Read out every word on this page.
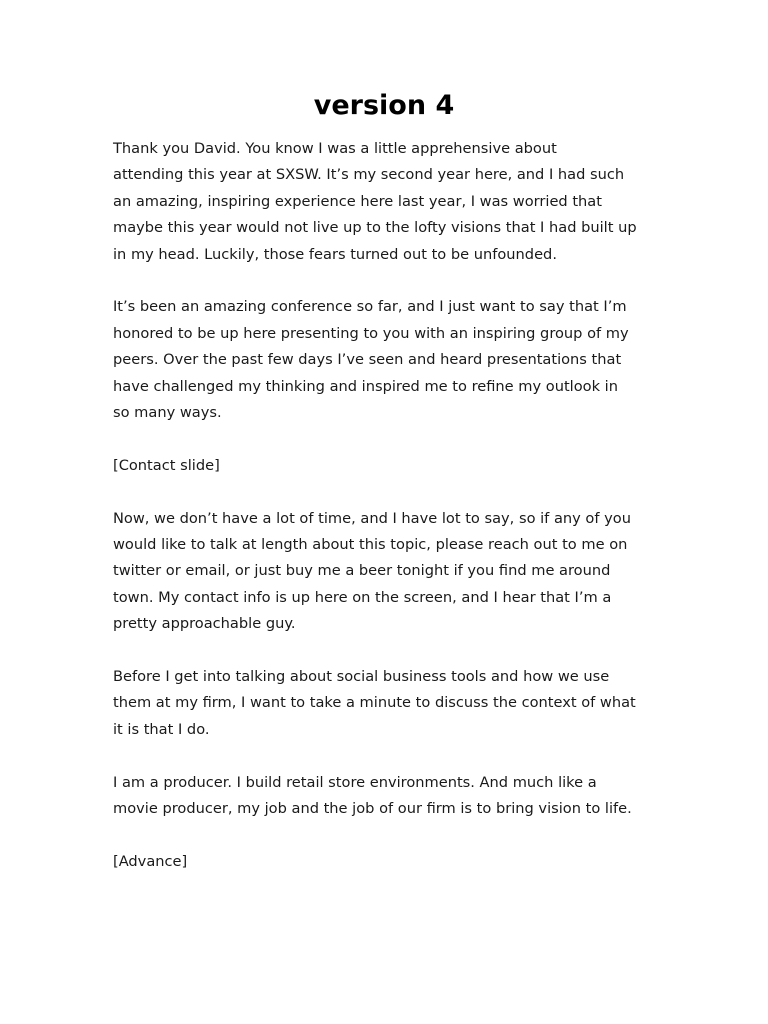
version 4

Thank you David. You know I was a little apprehensive about
attending this year at SXSW. It’s my second year here, and I had such
an amazing, inspiring experience here last year, I was worried that
maybe this year would not live up to the lofty visions that I had built up
in my head. Luckily, those fears turned out to be unfounded.

It’s been an amazing conference so far, and I just want to say that I’m
honored to be up here presenting to you with an inspiring group of my
peers. Over the past few days I’ve seen and heard presentations that
have challenged my thinking and inspired me to refine my outlook in
so many ways.

[Contact slide]

Now, we don’t have a lot of time, and I have lot to say, so if any of you
would like to talk at length about this topic, please reach out to me on
twitter or email, or just buy me a beer tonight if you find me around
town. My contact info is up here on the screen, and I hear that I’m a
pretty approachable guy.

Before I get into talking about social business tools and how we use
them at my firm, I want to take a minute to discuss the context of what
it is that I do.

I am a producer. I build retail store environments. And much like a
movie producer, my job and the job of our firm is to bring vision to life.

[Advance]
